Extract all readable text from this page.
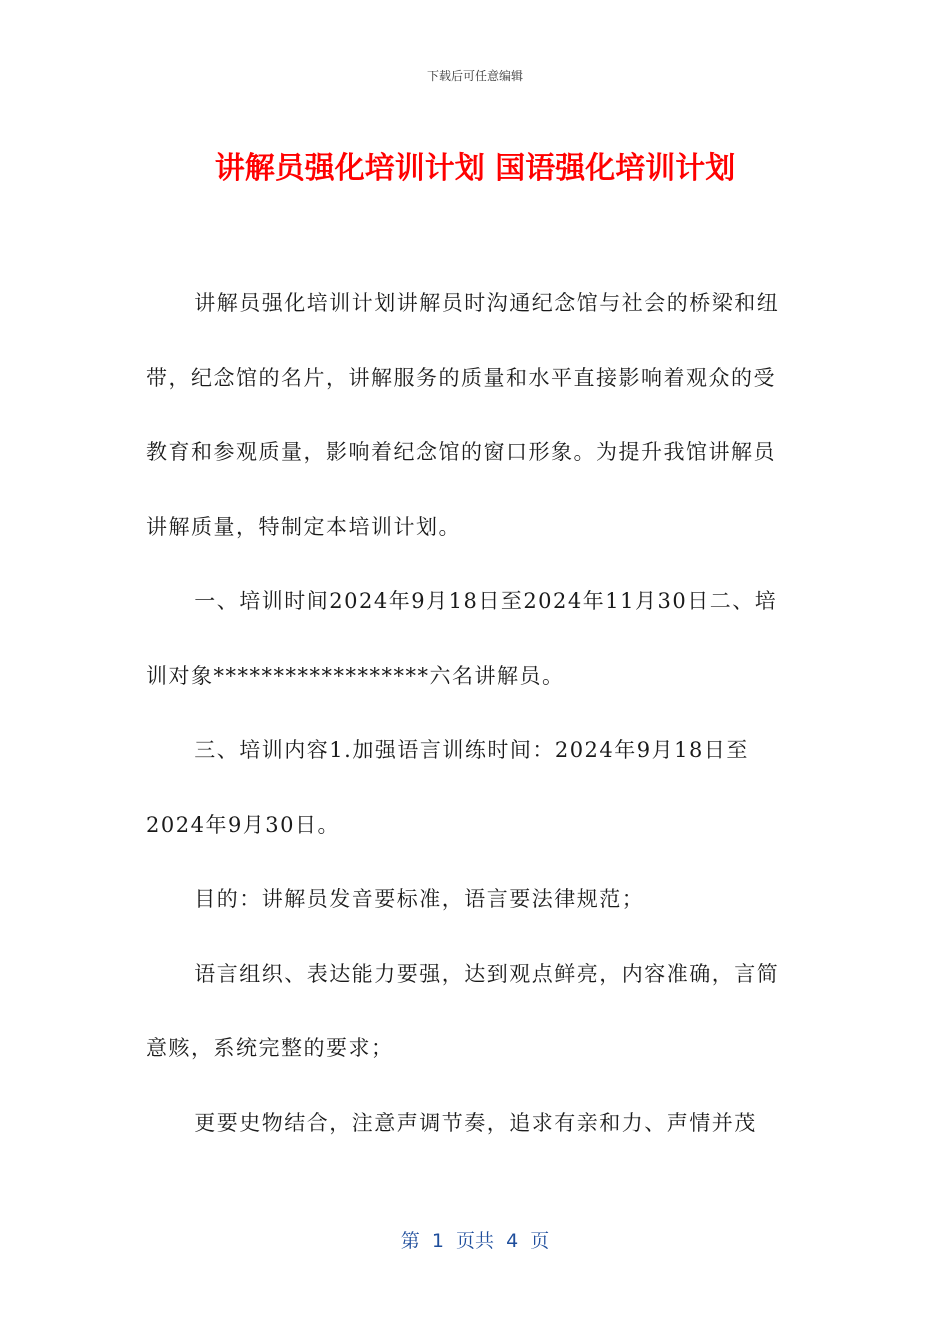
下载后可任意编辑
讲解员强化培训计划 国语强化培训计划

讲解员强化培训计划讲解员时沟通纪念馆与社会的桥梁和纽带，纪念馆的名片，讲解服务的质量和水平直接影响着观众的受教育和参观质量，影响着纪念馆的窗口形象。为提升我馆讲解员讲解质量，特制定本培训计划。

一、培训时间2024年9月18日至2024年11月30日二、培训对象******************六名讲解员。

三、培训内容1.加强语言训练时间：2024年9月18日至2024年9月30日。

目的：讲解员发音要标准，语言要法律规范；

语言组织、表达能力要强，达到观点鲜亮，内容准确，言简意赅，系统完整的要求；

更要史物结合，注意声调节奏，追求有亲和力、声情并茂

第  1  页共  4  页
